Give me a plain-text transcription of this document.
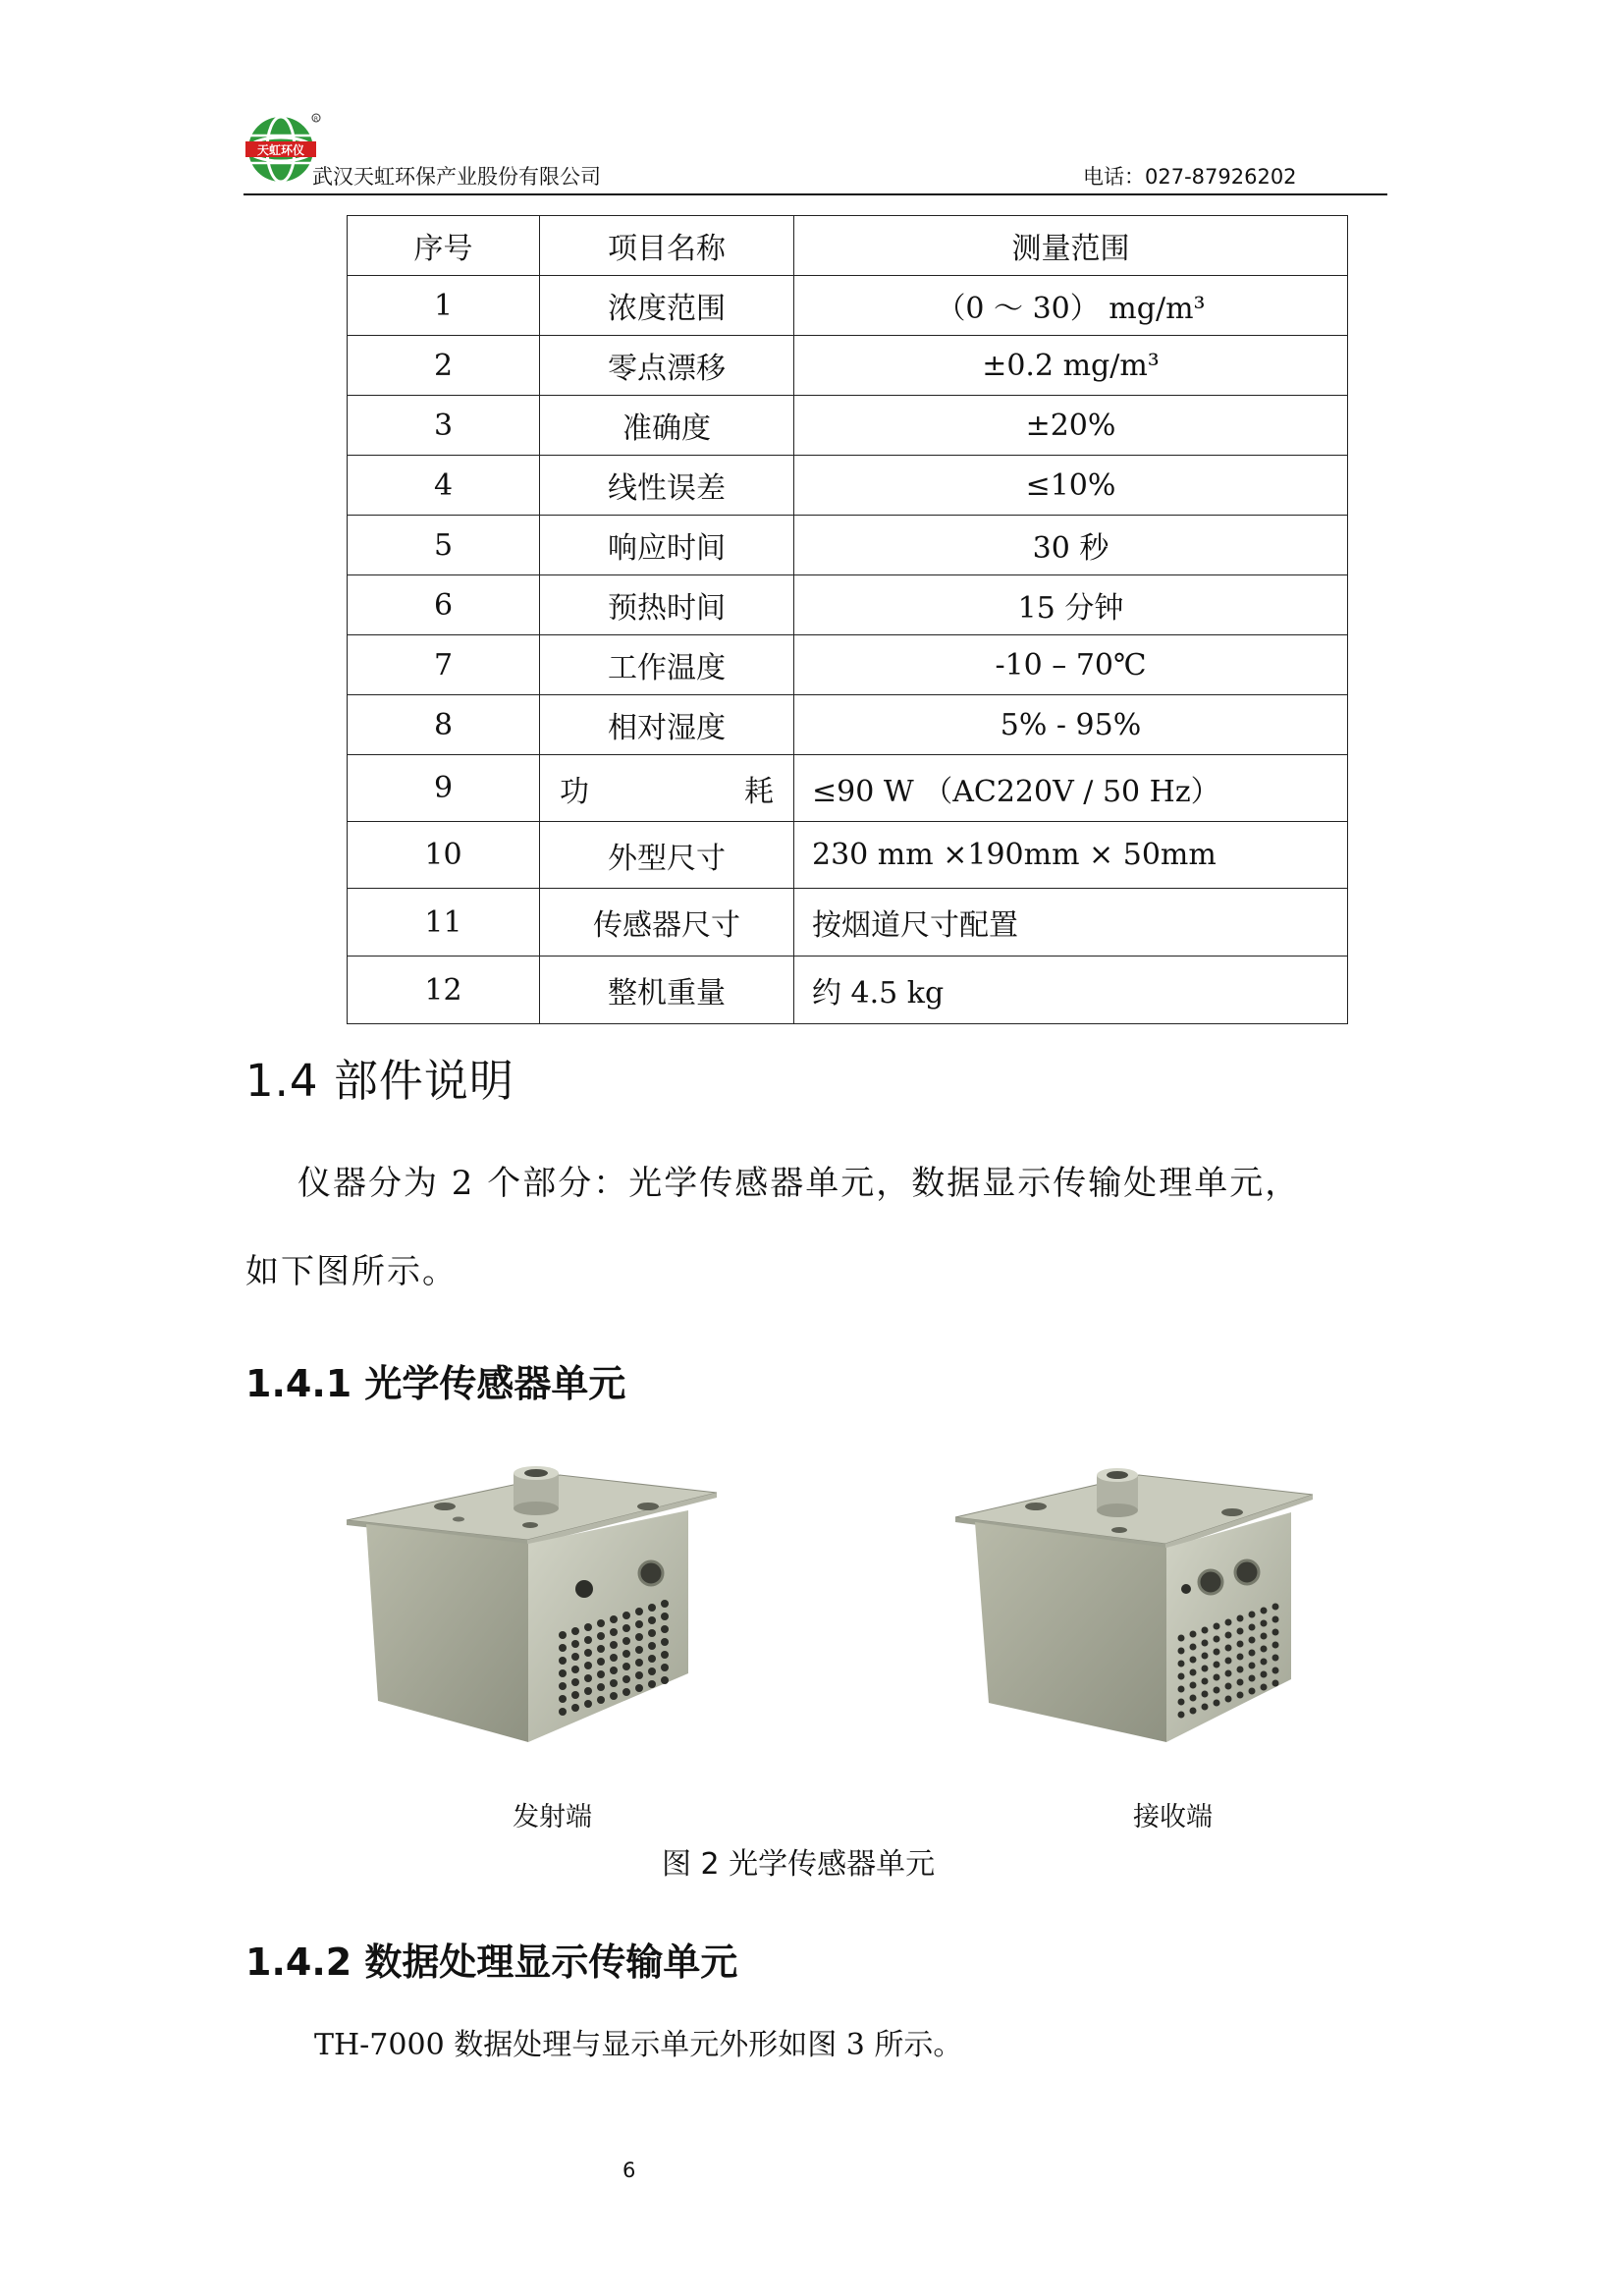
天虹环仪
R
武汉天虹环保产业股份有限公司	电话：027-87926202
序号	项目名称	测量范围
1	浓度范围	（0 ～ 30） mg/m³
2	零点漂移	±0.2 mg/m³
3	准确度	±20%
4	线性误差	≤10%
5	响应时间	30 秒
6	预热时间	15 分钟
7	工作温度	-10 – 70℃
8	相对湿度	5% - 95%
9	功耗	≤90 W （AC220V / 50 Hz）
10	外型尺寸	230 mm ×190mm × 50mm
11	传感器尺寸	按烟道尺寸配置
12	整机重量	约 4.5 kg
1.4 部件说明
仪器分为 2 个部分：光学传感器单元，数据显示传输处理单元，
如下图所示。
1.4.1 光学传感器单元
发射端	接收端
图 2 光学传感器单元
1.4.2 数据处理显示传输单元
TH-7000 数据处理与显示单元外形如图 3 所示。
6
